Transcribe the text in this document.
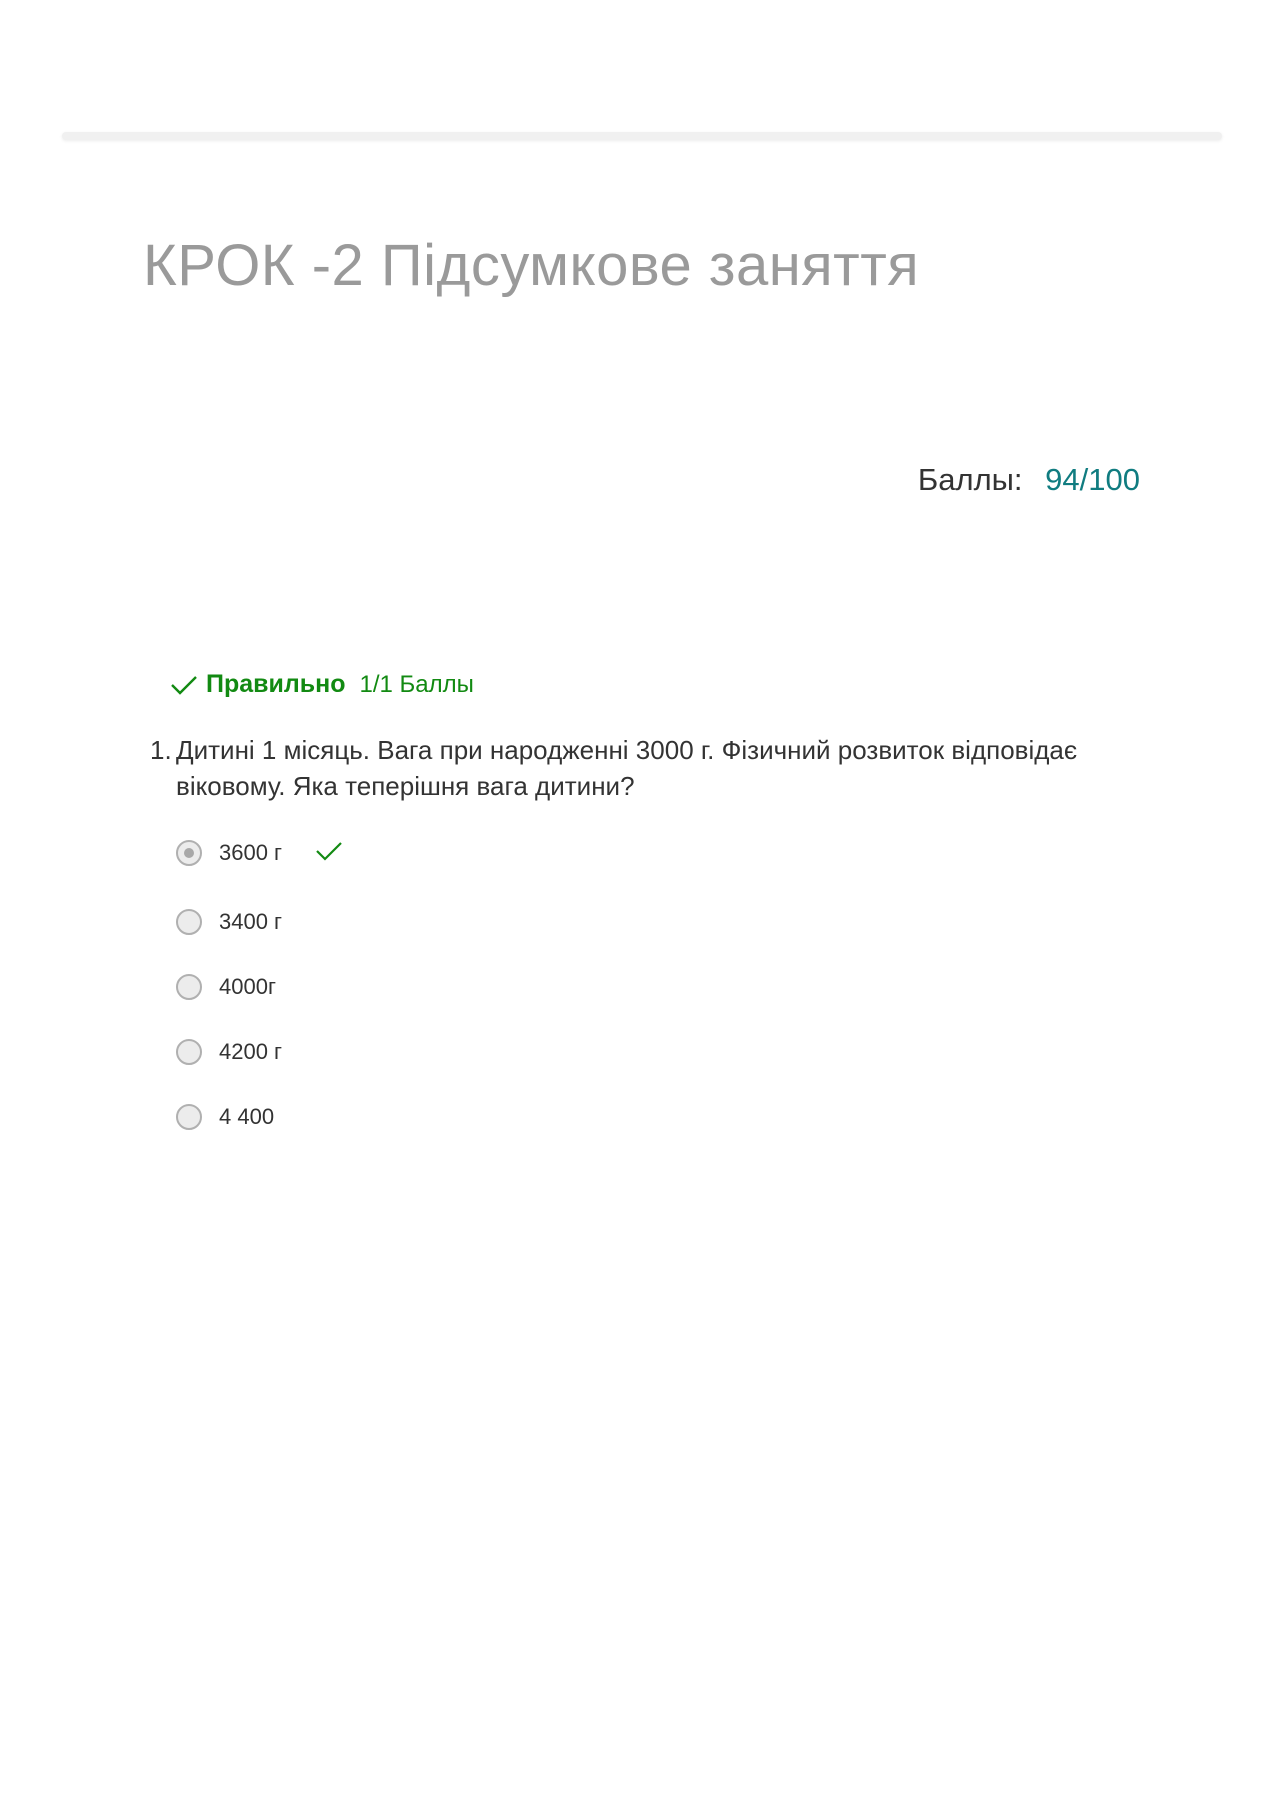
КРОК -2 Підсумкове заняття
Баллы: 94/100
Правильно 1/1 Баллы
1. Дитині 1 місяць. Вага при народженні 3000 г. Фізичний розвиток відповідає віковому. Яка теперішня вага дитини?
3600 г
3400 г
4000г
4200 г
4 400
